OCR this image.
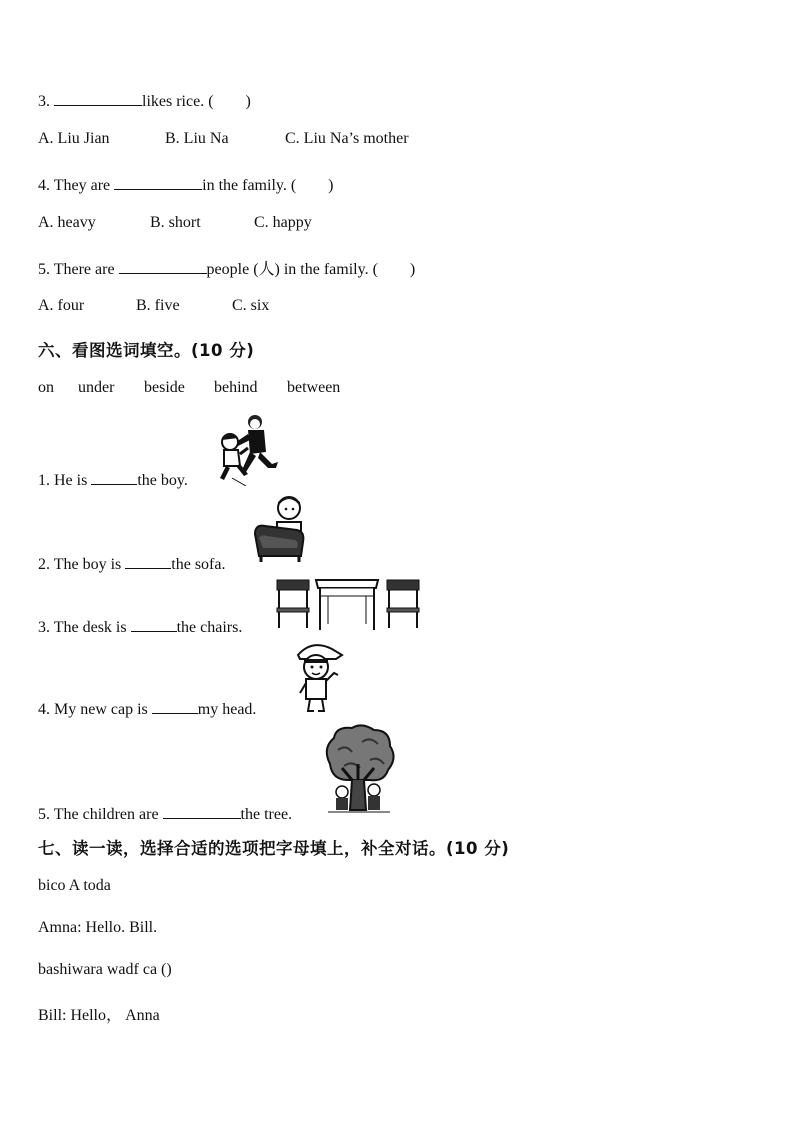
3.	likes rice. (　　)
A. Liu Jian	B. Liu Na	C. Liu Na’s mother
4. They are	in the family. (　　)
A. heavy	B. short	C. happy
5. There are	people (人) in the family. (　　)
A. four	B. five	C. six
六、看图选词填空。(10 分)
on under beside behind between
1. He is	the boy.
2. The boy is	the sofa.
3. The desk is	the chairs.
4. My new cap is	my head.
5. The children are	the tree.
七、读一读，选择合适的选项把字母填上，补全对话。(10 分)
bico A toda
Amna: Hello. Bill.
bashiwara wadf ca ()
Bill: Hello， Anna
